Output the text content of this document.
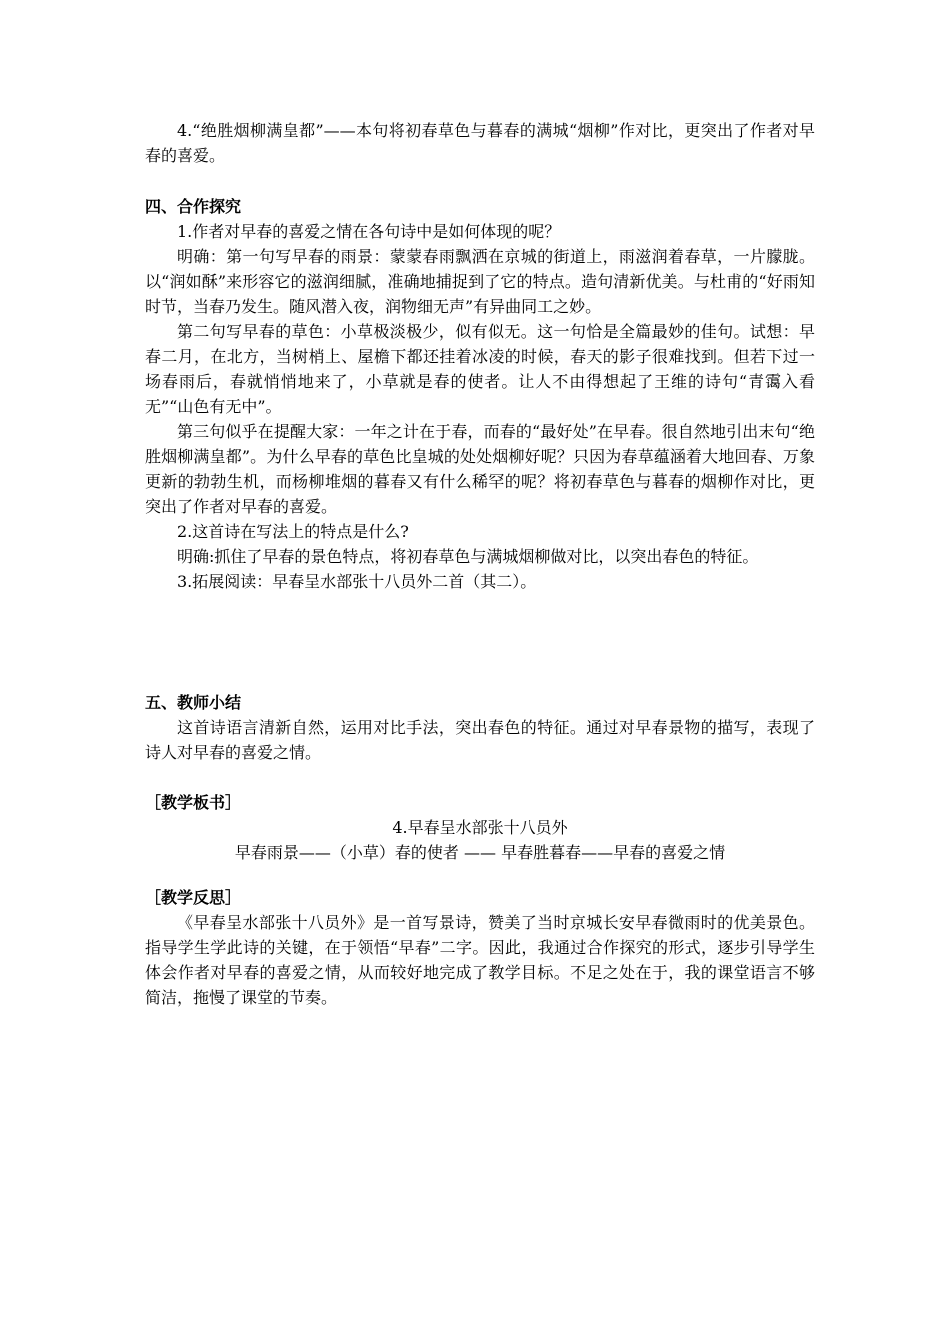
4.“绝胜烟柳满皇都”——本句将初春草色与暮春的满城“烟柳”作对比，更突出了作者对早春的喜爱。

四、合作探究

1.作者对早春的喜爱之情在各句诗中是如何体现的呢？

明确：第一句写早春的雨景：蒙蒙春雨飘洒在京城的街道上，雨滋润着春草，一片朦胧。以“润如酥”来形容它的滋润细腻，准确地捕捉到了它的特点。造句清新优美。与杜甫的“好雨知时节，当春乃发生。随风潜入夜，润物细无声”有异曲同工之妙。

第二句写早春的草色：小草极淡极少，似有似无。这一句恰是全篇最妙的佳句。试想：早春二月，在北方，当树梢上、屋檐下都还挂着冰凌的时候，春天的影子很难找到。但若下过一场春雨后，春就悄悄地来了，小草就是春的使者。让人不由得想起了王维的诗句“青霭入看无”“山色有无中”。

第三句似乎在提醒大家：一年之计在于春，而春的“最好处”在早春。很自然地引出末句“绝胜烟柳满皇都”。为什么早春的草色比皇城的处处烟柳好呢？只因为春草蕴涵着大地回春、万象更新的勃勃生机，而杨柳堆烟的暮春又有什么稀罕的呢？将初春草色与暮春的烟柳作对比，更突出了作者对早春的喜爱。

2.这首诗在写法上的特点是什么?

明确:抓住了早春的景色特点，将初春草色与满城烟柳做对比，以突出春色的特征。

3.拓展阅读：早春呈水部张十八员外二首（其二）。

五、教师小结

这首诗语言清新自然，运用对比手法，突出春色的特征。通过对早春景物的描写，表现了诗人对早春的喜爱之情。

［教学板书］

4.早春呈水部张十八员外

早春雨景——（小草）春的使者 —— 早春胜暮春——早春的喜爱之情

［教学反思］

《早春呈水部张十八员外》是一首写景诗，赞美了当时京城长安早春微雨时的优美景色。指导学生学此诗的关键，在于领悟“早春”二字。因此，我通过合作探究的形式，逐步引导学生体会作者对早春的喜爱之情，从而较好地完成了教学目标。不足之处在于，我的课堂语言不够简洁，拖慢了课堂的节奏。
